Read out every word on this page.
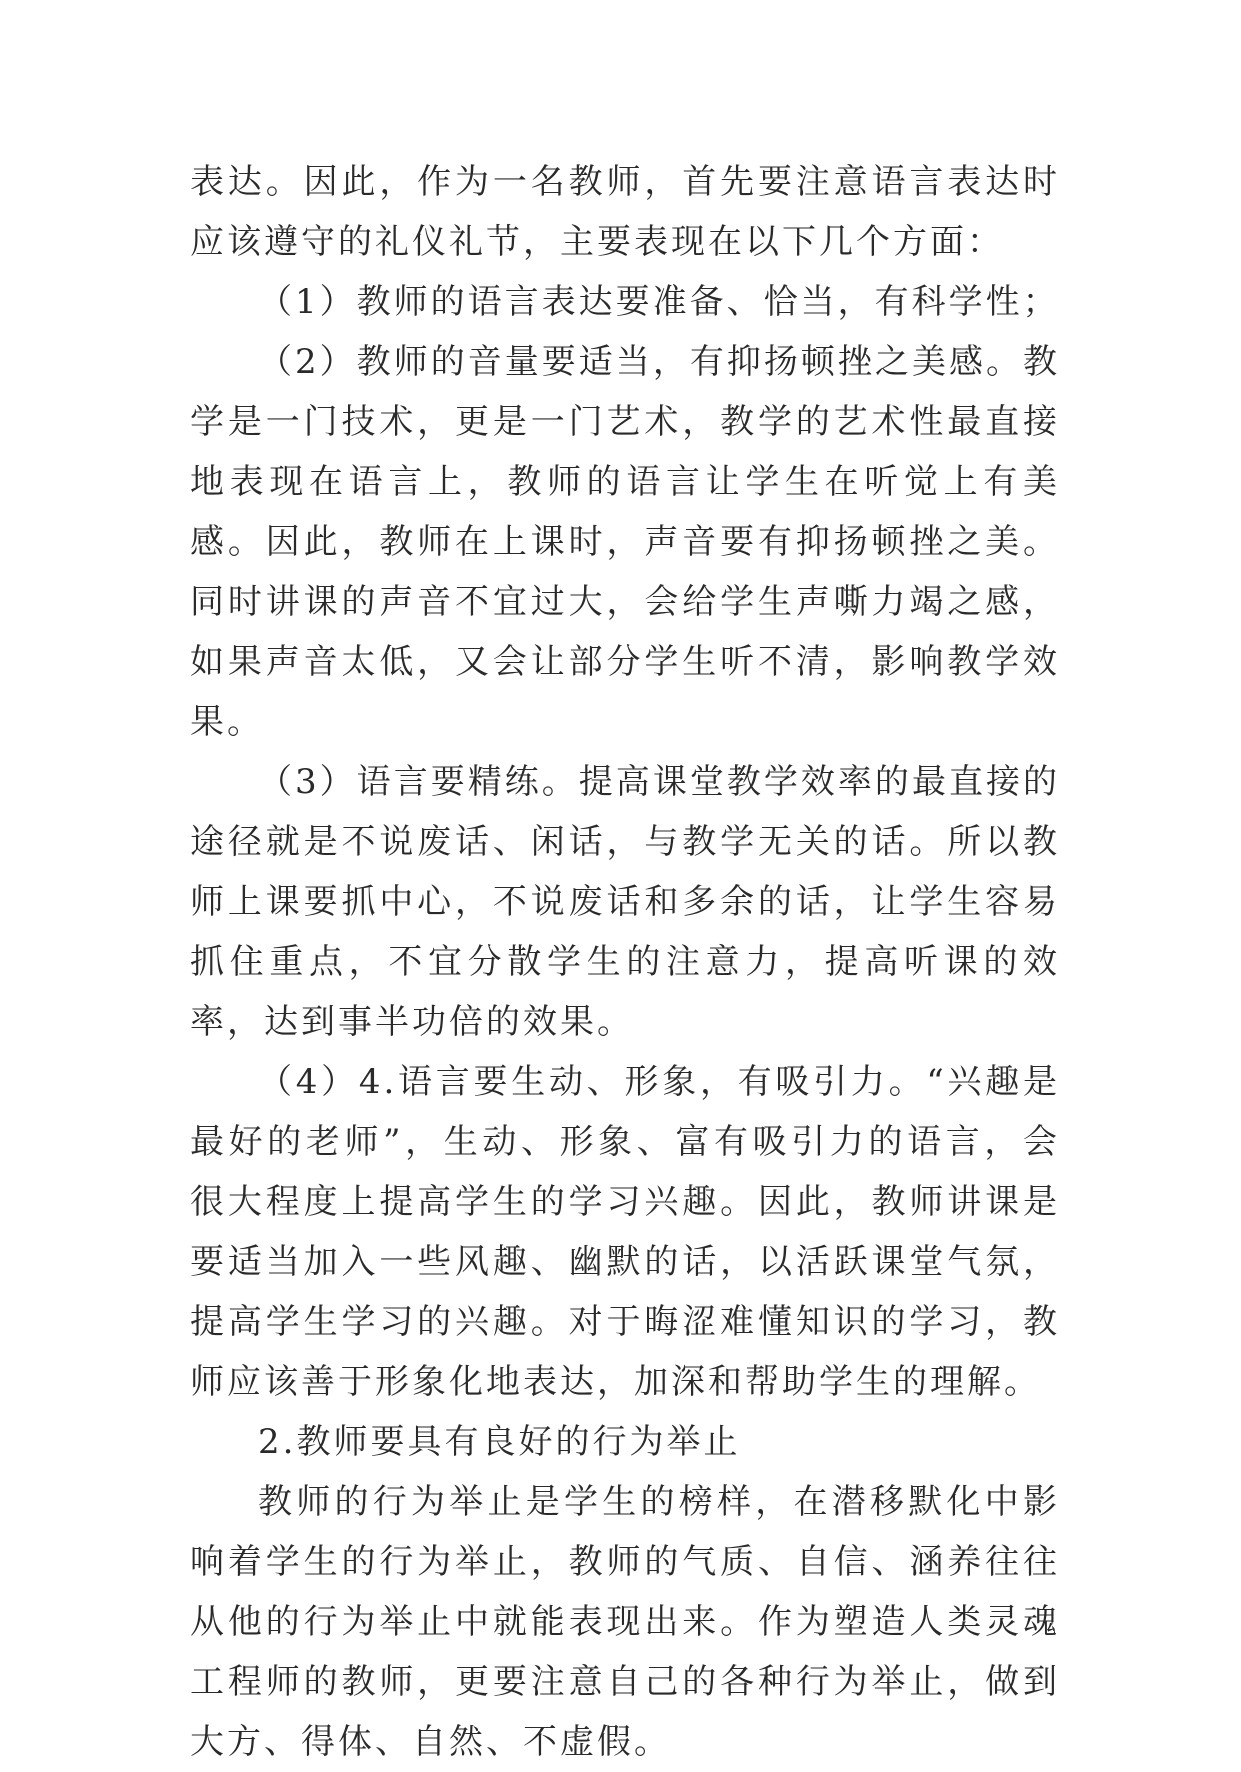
表达。因此，作为一名教师，首先要注意语言表达时应该遵守的礼仪礼节，主要表现在以下几个方面：

（1）教师的语言表达要准备、恰当，有科学性；

（2）教师的音量要适当，有抑扬顿挫之美感。教学是一门技术，更是一门艺术，教学的艺术性最直接地表现在语言上，教师的语言让学生在听觉上有美感。因此，教师在上课时，声音要有抑扬顿挫之美。同时讲课的声音不宜过大，会给学生声嘶力竭之感，如果声音太低，又会让部分学生听不清，影响教学效果。

（3）语言要精练。提高课堂教学效率的最直接的途径就是不说废话、闲话，与教学无关的话。所以教师上课要抓中心，不说废话和多余的话，让学生容易抓住重点，不宜分散学生的注意力，提高听课的效率，达到事半功倍的效果。

（4）4.语言要生动、形象，有吸引力。“兴趣是最好的老师”，生动、形象、富有吸引力的语言，会很大程度上提高学生的学习兴趣。因此，教师讲课是要适当加入一些风趣、幽默的话，以活跃课堂气氛，提高学生学习的兴趣。对于晦涩难懂知识的学习，教师应该善于形象化地表达，加深和帮助学生的理解。

2.教师要具有良好的行为举止

教师的行为举止是学生的榜样，在潜移默化中影响着学生的行为举止，教师的气质、自信、涵养往往从他的行为举止中就能表现出来。作为塑造人类灵魂工程师的教师，更要注意自己的各种行为举止，做到大方、得体、自然、不虚假。
